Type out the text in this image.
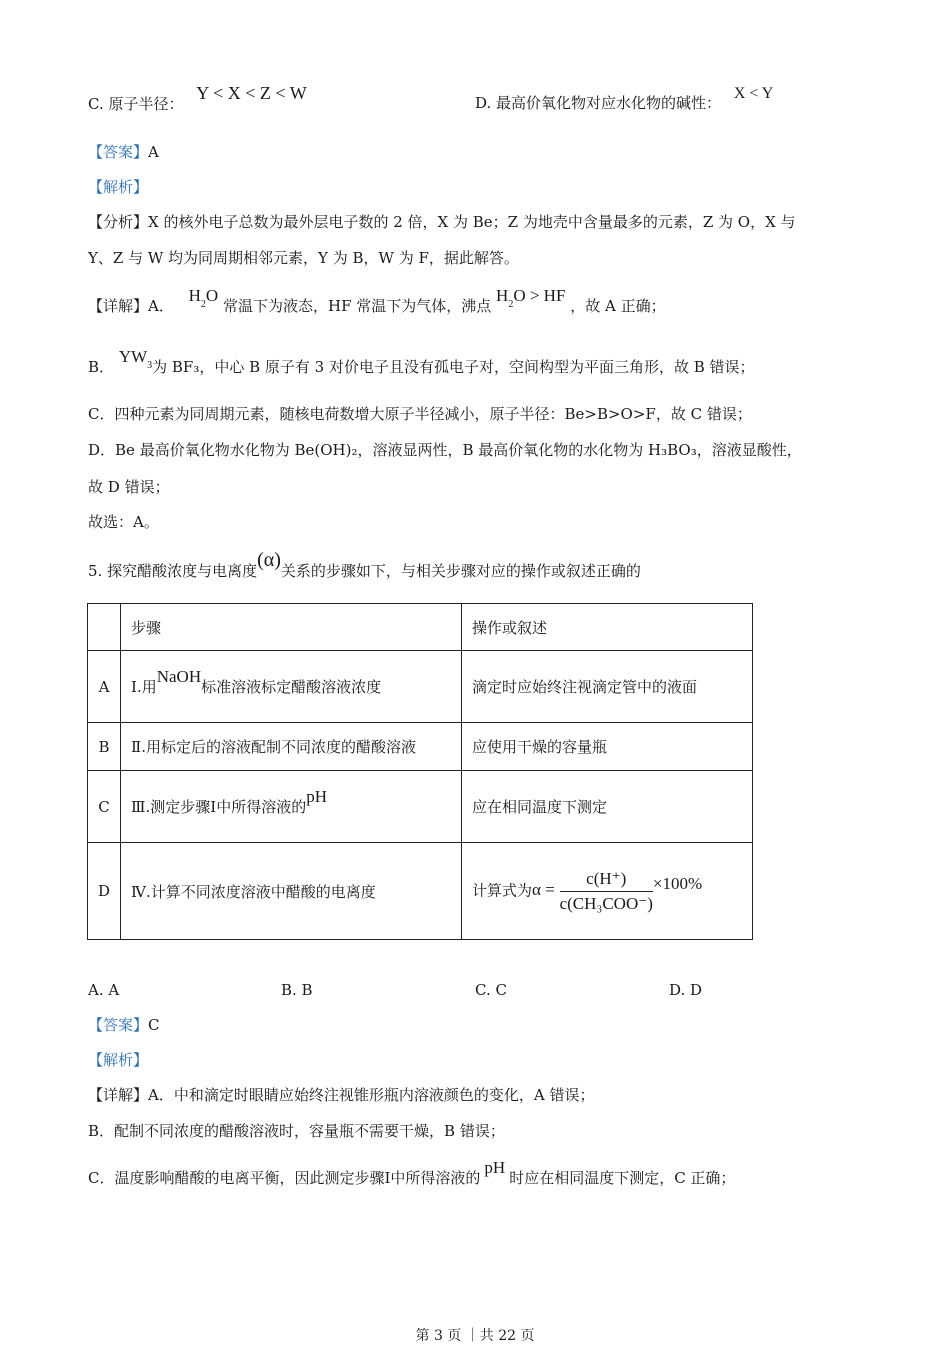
C. 原子半径： Y < X < Z < W	D. 最高价氧化物对应水化物的碱性： X < Y
【答案】A
【解析】
【分析】X 的核外电子总数为最外层电子数的 2 倍，X 为 Be；Z 为地壳中含量最多的元素，Z 为 O，X 与
Y、Z 与 W 均为同周期相邻元素，Y 为 B，W 为 F，据此解答。
【详解】A． $H_2O$ 常温下为液态，HF 常温下为气体，沸点 $H_2O$ > HF ，故 A 正确；
B． $YW_3$为 BF₃，中心 B 原子有 3 对价电子且没有孤电子对，空间构型为平面三角形，故 B 错误；
C．四种元素为同周期元素，随核电荷数增大原子半径减小，原子半径：Be>B>O>F，故 C 错误；
D．Be 最高价氧化物水化物为 Be(OH)₂，溶液显两性，B 最高价氧化物的水化物为 H₃BO₃，溶液显酸性，
故 D 错误；
故选：A。
5. 探究醋酸浓度与电离度(α)关系的步骤如下，与相关步骤对应的操作或叙述正确的
	步骤	操作或叙述
A	Ⅰ.用NaOH标准溶液标定醋酸溶液浓度	滴定时应始终注视滴定管中的液面
B	Ⅱ.用标定后的溶液配制不同浓度的醋酸溶液	应使用干燥的容量瓶
C	Ⅲ.测定步骤Ⅰ中所得溶液的pH	应在相同温度下测定
D	Ⅳ.计算不同浓度溶液中醋酸的电离度	计算式为$\alpha = \frac{c(H^+)}{\text{c(CH₃COO⁻)}} \times 100\%$
A. A	B. B	C. C	D. D
【答案】C
【解析】
【详解】A．中和滴定时眼睛应始终注视锥形瓶内溶液颜色的变化，A 错误；
B．配制不同浓度的醋酸溶液时，容量瓶不需要干燥，B 错误；
C．温度影响醋酸的电离平衡，因此测定步骤Ⅰ中所得溶液的pH时应在相同温度下测定，C 正确；
第 3 页 ｜共 22 页
